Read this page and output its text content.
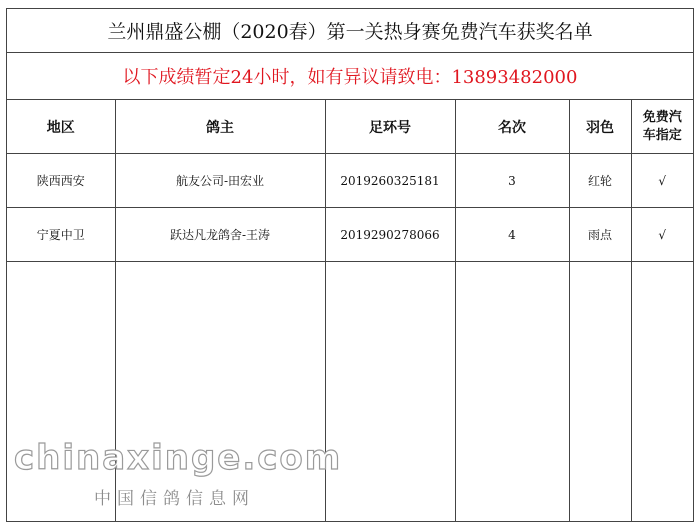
兰州鼎盛公棚（2020春）第一关热身赛免费汽车获奖名单
以下成绩暂定24小时，如有异议请致电：13893482000
地区	鸽主	足环号	名次	羽色	免费汽
车指定
陕西西安	航友公司-田宏业	2019260325181	3	红轮	√
宁夏中卫	跃达凡龙鸽舍-王涛	2019290278066	4	雨点	√

chinaxinge.com
中国信鸽信息网
